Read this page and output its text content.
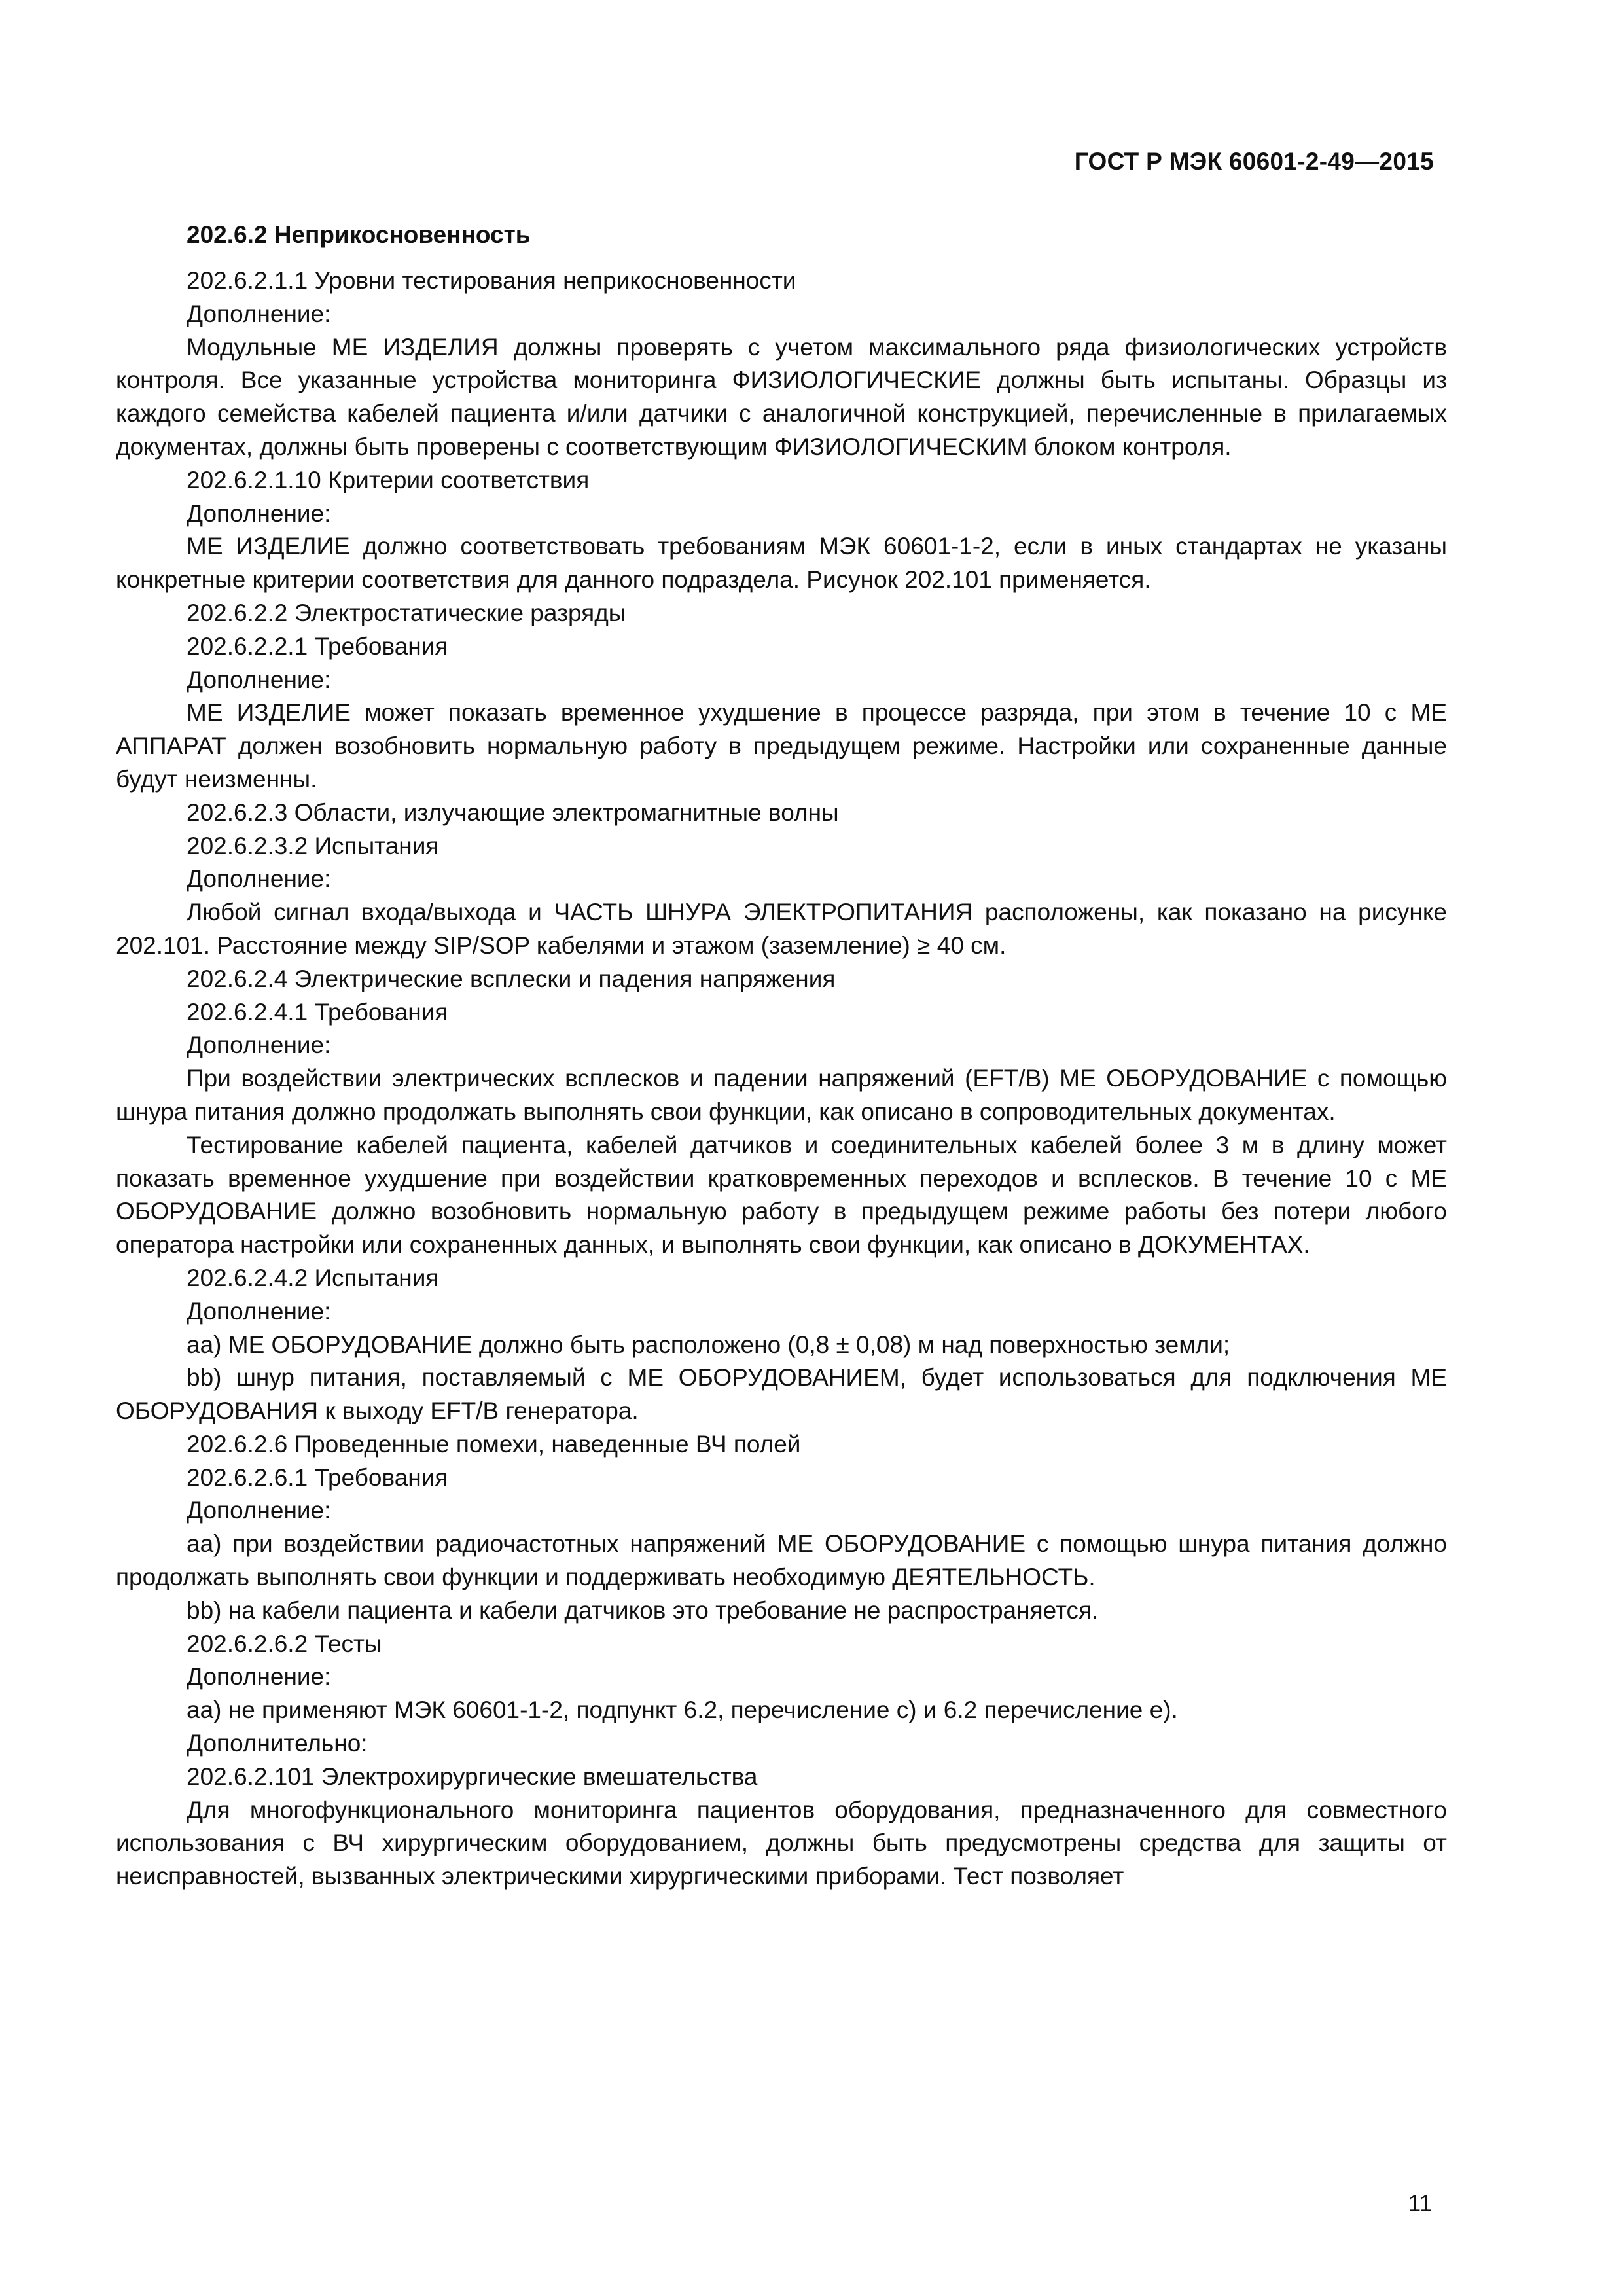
ГОСТ Р МЭК 60601-2-49—2015

202.6.2 Неприкосновенность

202.6.2.1.1 Уровни тестирования неприкосновенности

Дополнение:

Модульные МЕ ИЗДЕЛИЯ должны проверять с учетом максимального ряда физиологических устройств контроля. Все указанные устройства мониторинга ФИЗИОЛОГИЧЕСКИЕ должны быть испытаны. Образцы из каждого семейства кабелей пациента и/или датчики с аналогичной конструкцией, перечисленные в прилагаемых документах, должны быть проверены с соответствующим ФИЗИОЛОГИЧЕСКИМ блоком контроля.

202.6.2.1.10 Критерии соответствия

Дополнение:

МЕ ИЗДЕЛИЕ должно соответствовать требованиям МЭК 60601-1-2, если в иных стандартах не указаны конкретные критерии соответствия для данного подраздела. Рисунок 202.101 применяется.

202.6.2.2 Электростатические разряды

202.6.2.2.1 Требования

Дополнение:

МЕ ИЗДЕЛИЕ может показать временное ухудшение в процессе разряда, при этом в течение 10 с МЕ АППАРАТ должен возобновить нормальную работу в предыдущем режиме. Настройки или сохраненные данные будут неизменны.

202.6.2.3 Области, излучающие электромагнитные волны

202.6.2.3.2 Испытания

Дополнение:

Любой сигнал входа/выхода и ЧАСТЬ ШНУРА ЭЛЕКТРОПИТАНИЯ расположены, как показано на рисунке 202.101. Расстояние между SIP/SOP кабелями и этажом (заземление) ≥ 40 см.

202.6.2.4 Электрические всплески и падения напряжения

202.6.2.4.1 Требования

Дополнение:

При воздействии электрических всплесков и падении напряжений (EFT/B) МЕ ОБОРУДОВАНИЕ с помощью шнура питания должно продолжать выполнять свои функции, как описано в сопроводительных документах.

Тестирование кабелей пациента, кабелей датчиков и соединительных кабелей более 3 м в длину может показать временное ухудшение при воздействии кратковременных переходов и всплесков. В течение 10 с МЕ ОБОРУДОВАНИЕ должно возобновить нормальную работу в предыдущем режиме работы без потери любого оператора настройки или сохраненных данных, и выполнять свои функции, как описано в ДОКУМЕНТАХ.

202.6.2.4.2 Испытания

Дополнение:

аа) МЕ ОБОРУДОВАНИЕ должно быть расположено (0,8 ± 0,08) м над поверхностью земли;

bb) шнур питания, поставляемый с МЕ ОБОРУДОВАНИЕМ, будет использоваться для подключения МЕ ОБОРУДОВАНИЯ к выходу EFT/B генератора.

202.6.2.6 Проведенные помехи, наведенные ВЧ полей

202.6.2.6.1 Требования

Дополнение:

аа) при воздействии радиочастотных напряжений МЕ ОБОРУДОВАНИЕ с помощью шнура питания должно продолжать выполнять свои функции и поддерживать необходимую ДЕЯТЕЛЬНОСТЬ.

bb) на кабели пациента и кабели датчиков это требование не распространяется.

202.6.2.6.2 Тесты

Дополнение:

аа) не применяют МЭК 60601-1-2, подпункт 6.2, перечисление с) и 6.2 перечисление е).

Дополнительно:

202.6.2.101 Электрохирургические вмешательства

Для многофункционального мониторинга пациентов оборудования, предназначенного для совместного использования с ВЧ хирургическим оборудованием, должны быть предусмотрены средства для защиты от неисправностей, вызванных электрическими хирургическими приборами. Тест позволяет

11
